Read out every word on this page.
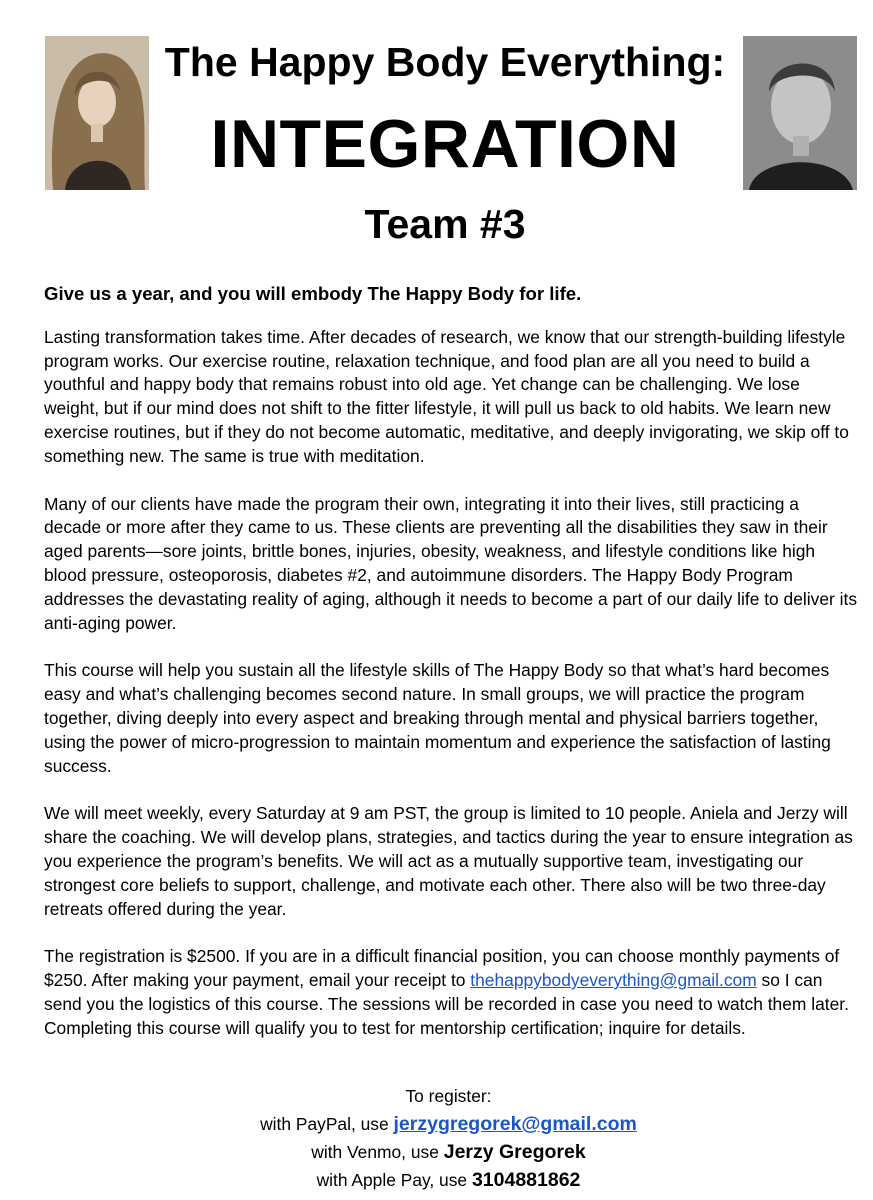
The Happy Body Everything:
INTEGRATION
Team #3

Give us a year, and you will embody The Happy Body for life.

Lasting transformation takes time. After decades of research, we know that our strength-building lifestyle program works. Our exercise routine, relaxation technique, and food plan are all you need to build a youthful and happy body that remains robust into old age. Yet change can be challenging. We lose weight, but if our mind does not shift to the fitter lifestyle, it will pull us back to old habits. We learn new exercise routines, but if they do not become automatic, meditative, and deeply invigorating, we skip off to something new. The same is true with meditation.

Many of our clients have made the program their own, integrating it into their lives, still practicing a decade or more after they came to us. These clients are preventing all the disabilities they saw in their aged parents—sore joints, brittle bones, injuries, obesity, weakness, and lifestyle conditions like high blood pressure, osteoporosis, diabetes #2, and autoimmune disorders. The Happy Body Program addresses the devastating reality of aging, although it needs to become a part of our daily life to deliver its anti-aging power.

This course will help you sustain all the lifestyle skills of The Happy Body so that what’s hard becomes easy and what’s challenging becomes second nature. In small groups, we will practice the program together, diving deeply into every aspect and breaking through mental and physical barriers together, using the power of micro-progression to maintain momentum and experience the satisfaction of lasting success.

We will meet weekly, every Saturday at 9 am PST, the group is limited to 10 people. Aniela and Jerzy will share the coaching. We will develop plans, strategies, and tactics during the year to ensure integration as you experience the program’s benefits. We will act as a mutually supportive team, investigating our strongest core beliefs to support, challenge, and motivate each other. There also will be two three-day retreats offered during the year.

The registration is $2500. If you are in a difficult financial position, you can choose monthly payments of $250. After making your payment, email your receipt to thehappybodyeverything@gmail.com so I can send you the logistics of this course. The sessions will be recorded in case you need to watch them later. Completing this course will qualify you to test for mentorship certification; inquire for details.

To register:
with PayPal, use jerzygregorek@gmail.com
with Venmo, use Jerzy Gregorek
with Apple Pay, use 3104881862
